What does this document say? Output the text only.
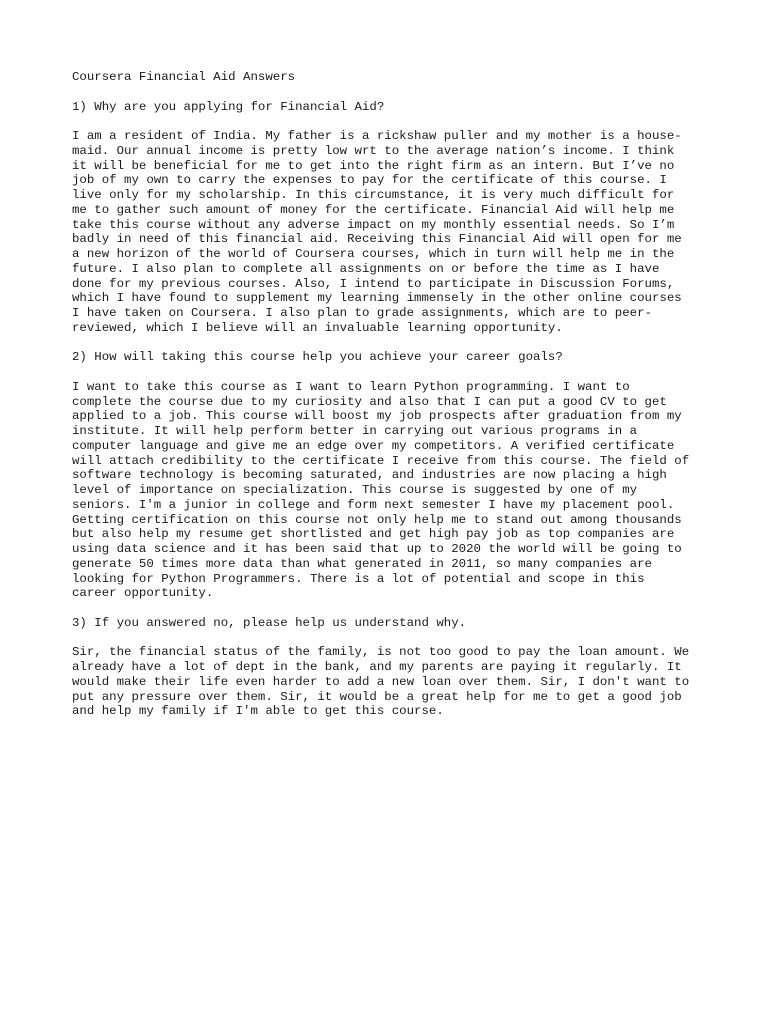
Coursera Financial Aid Answers
1) Why are you applying for Financial Aid?
I am a resident of India. My father is a rickshaw puller and my mother is a house-
maid. Our annual income is pretty low wrt to the average nation’s income. I think
it will be beneficial for me to get into the right firm as an intern. But I’ve no
job of my own to carry the expenses to pay for the certificate of this course. I
live only for my scholarship. In this circumstance, it is very much difficult for
me to gather such amount of money for the certificate. Financial Aid will help me
take this course without any adverse impact on my monthly essential needs. So I’m
badly in need of this financial aid. Receiving this Financial Aid will open for me
a new horizon of the world of Coursera courses, which in turn will help me in the
future. I also plan to complete all assignments on or before the time as I have
done for my previous courses. Also, I intend to participate in Discussion Forums,
which I have found to supplement my learning immensely in the other online courses
I have taken on Coursera. I also plan to grade assignments, which are to peer-
reviewed, which I believe will an invaluable learning opportunity.
2) How will taking this course help you achieve your career goals?
I want to take this course as I want to learn Python programming. I want to
complete the course due to my curiosity and also that I can put a good CV to get
applied to a job. This course will boost my job prospects after graduation from my
institute. It will help perform better in carrying out various programs in a
computer language and give me an edge over my competitors. A verified certificate
will attach credibility to the certificate I receive from this course. The field of
software technology is becoming saturated, and industries are now placing a high
level of importance on specialization. This course is suggested by one of my
seniors. I'm a junior in college and form next semester I have my placement pool.
Getting certification on this course not only help me to stand out among thousands
but also help my resume get shortlisted and get high pay job as top companies are
using data science and it has been said that up to 2020 the world will be going to
generate 50 times more data than what generated in 2011, so many companies are
looking for Python Programmers. There is a lot of potential and scope in this
career opportunity.
3) If you answered no, please help us understand why.
Sir, the financial status of the family, is not too good to pay the loan amount. We
already have a lot of dept in the bank, and my parents are paying it regularly. It
would make their life even harder to add a new loan over them. Sir, I don't want to
put any pressure over them. Sir, it would be a great help for me to get a good job
and help my family if I'm able to get this course.
